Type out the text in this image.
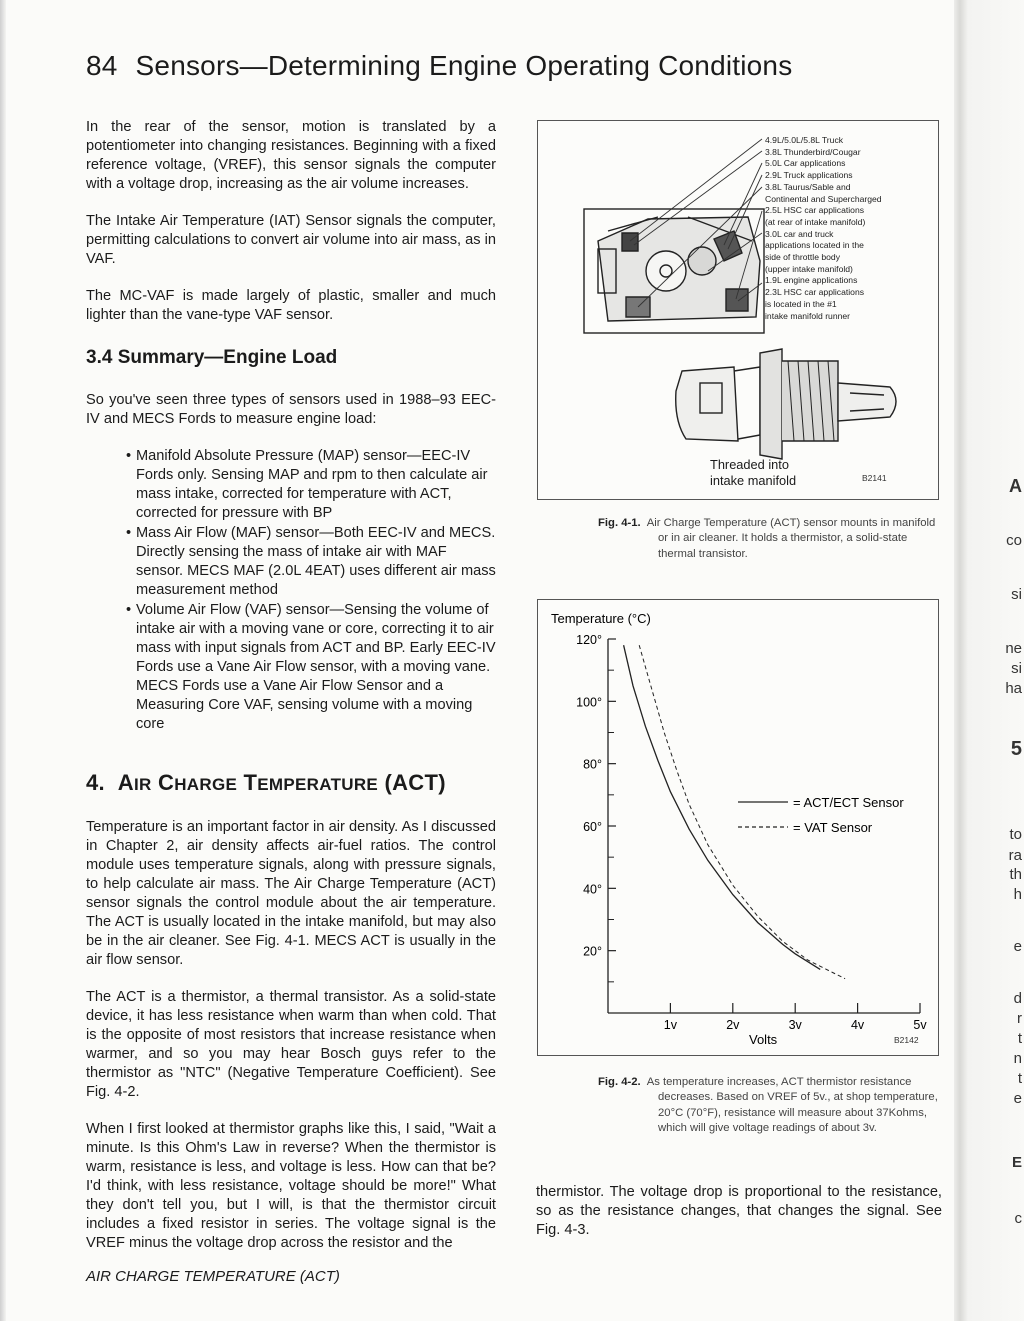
84 Sensors—Determining Engine Operating Conditions

In the rear of the sensor, motion is translated by a potentiometer into changing resistances. Beginning with a fixed reference voltage, (VREF), this sensor signals the computer with a voltage drop, increasing as the air volume increases.

The Intake Air Temperature (IAT) Sensor signals the computer, permitting calculations to convert air volume into air mass, as in VAF.

The MC-VAF is made largely of plastic, smaller and much lighter than the vane-type VAF sensor.

3.4 Summary—Engine Load

So you've seen three types of sensors used in 1988–93 EEC-IV and MECS Fords to measure engine load:

• Manifold Absolute Pressure (MAP) sensor—EEC-IV Fords only. Sensing MAP and rpm to then calculate air mass intake, corrected for temperature with ACT, corrected for pressure with BP
• Mass Air Flow (MAF) sensor—Both EEC-IV and MECS. Directly sensing the mass of intake air with MAF sensor. MECS MAF (2.0L 4EAT) uses different air mass measurement method
• Volume Air Flow (VAF) sensor—Sensing the volume of intake air with a moving vane or core, correcting it to air mass with input signals from ACT and BP. Early EEC-IV Fords use a Vane Air Flow sensor, with a moving vane. MECS Fords use a Vane Air Flow Sensor and a Measuring Core VAF, sensing volume with a moving core
4. AIR CHARGE TEMPERATURE (ACT)

Temperature is an important factor in air density. As I discussed in Chapter 2, air density affects air-fuel ratios. The control module uses temperature signals, along with pressure signals, to help calculate air mass. The Air Charge Temperature (ACT) sensor signals the control module about the air temperature. The ACT is usually located in the intake manifold, but may also be in the air cleaner. See Fig. 4-1. MECS ACT is usually in the air flow sensor.

The ACT is a thermistor, a thermal transistor. As a solid-state device, it has less resistance when warm than when cold. That is the opposite of most resistors that increase resistance when warmer, and so you may hear Bosch guys refer to the thermistor as "NTC" (Negative Temperature Coefficient). See Fig. 4-2.

When I first looked at thermistor graphs like this, I said, "Wait a minute. Is this Ohm's Law in reverse? When the thermistor is warm, resistance is less, and voltage is less. How can that be? I'd think, with less resistance, voltage should be more!" What they don't tell you, but I will, is that the thermistor circuit includes a fixed resistor in series. The voltage signal is the VREF minus the voltage drop across the resistor and the

4.9L/5.0L/5.8L Truck
3.8L Thunderbird/Cougar
5.0L Car applications
2.9L Truck applications
3.8L Taurus/Sable and
Continental and Supercharged
2.5L HSC car applications
(at rear of intake manifold)
3.0L car and truck
applications located in the
side of throttle body
(upper intake manifold)
1.9L engine applications
2.3L HSC car applications
is located in the #1
intake manifold runner
Threaded into
intake manifold	B2141
Fig. 4-1. Air Charge Temperature (ACT) sensor mounts in manifold or in air cleaner. It holds a thermistor, a solid-state thermal transistor.
Temperature (°C)
20°
40°
60°
80°
100°
120°
1v	2v	3v	4v	5v
= ACT/ECT Sensor
= VAT Sensor
Volts	B2142
Fig. 4-2. As temperature increases, ACT thermistor resistance decreases. Based on VREF of 5v., at shop temperature, 20°C (70°F), resistance will measure about 37Kohms, which will give voltage readings of about 3v.

thermistor. The voltage drop is proportional to the resistance, so as the resistance changes, that changes the signal. See Fig. 4-3.

AIR CHARGE TEMPERATURE (ACT)
A
co
si
ne
si
ha
5
to
ra
th
h
e
d
r
t
n
t
e
E
c
